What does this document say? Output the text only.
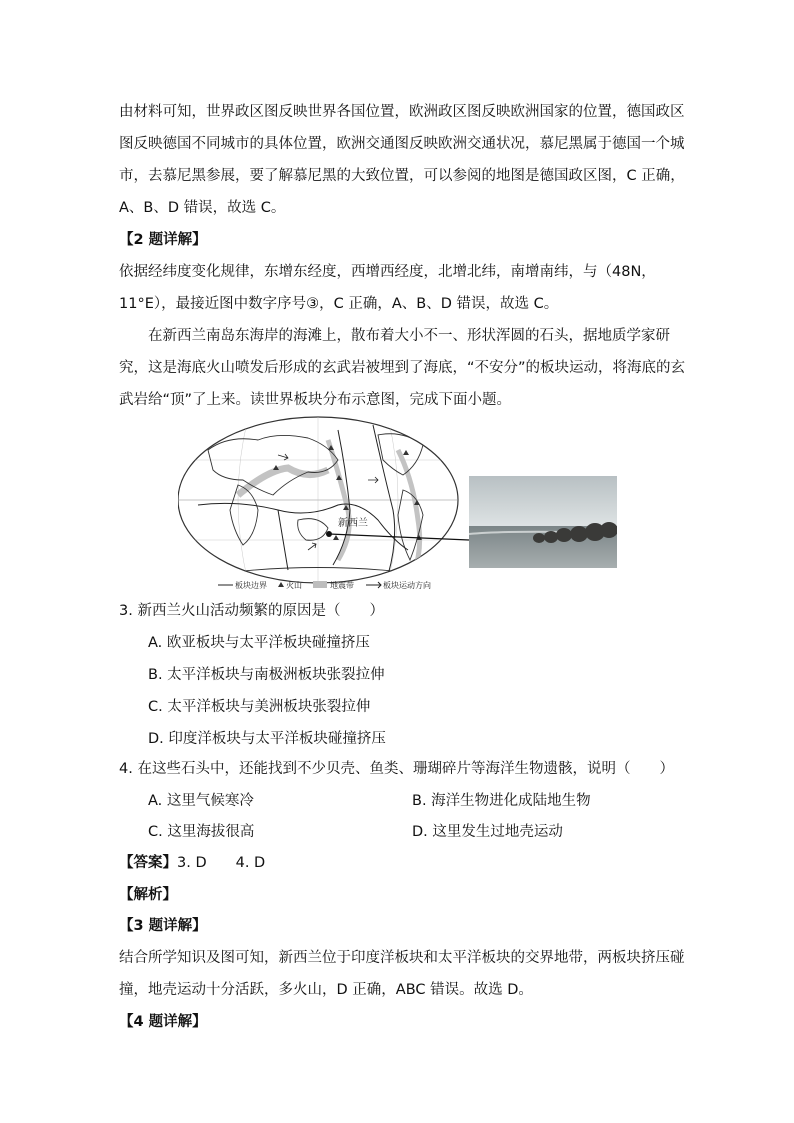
由材料可知，世界政区图反映世界各国位置，欧洲政区图反映欧洲国家的位置，德国政区
图反映德国不同城市的具体位置，欧洲交通图反映欧洲交通状况，慕尼黑属于德国一个城
市，去慕尼黑参展，要了解慕尼黑的大致位置，可以参阅的地图是德国政区图，C 正确，
A、B、D 错误，故选 C。
【2 题详解】
依据经纬度变化规律，东增东经度，西增西经度，北增北纬，南增南纬，与（48N，
11°E），最接近图中数字序号③，C 正确，A、B、D 错误，故选 C。
在新西兰南岛东海岸的海滩上，散布着大小不一、形状浑圆的石头，据地质学家研
究，这是海底火山喷发后形成的玄武岩被埋到了海底，“不安分”的板块运动，将海底的玄
武岩给“顶”了上来。读世界板块分布示意图，完成下面小题。
新西兰
板块边界 火山	地震带	板块运动方向
3. 新西兰火山活动频繁的原因是（　　）
A. 欧亚板块与太平洋板块碰撞挤压
B. 太平洋板块与南极洲板块张裂拉伸
C. 太平洋板块与美洲板块张裂拉伸
D. 印度洋板块与太平洋板块碰撞挤压
4. 在这些石头中，还能找到不少贝壳、鱼类、珊瑚碎片等海洋生物遗骸，说明（　　）
A. 这里气候寒冷	B. 海洋生物进化成陆地生物
C. 这里海拔很高	D. 这里发生过地壳运动
【答案】3. D　　4. D
【解析】
【3 题详解】
结合所学知识及图可知，新西兰位于印度洋板块和太平洋板块的交界地带，两板块挤压碰
撞，地壳运动十分活跃，多火山，D 正确，ABC 错误。故选 D。
【4 题详解】
